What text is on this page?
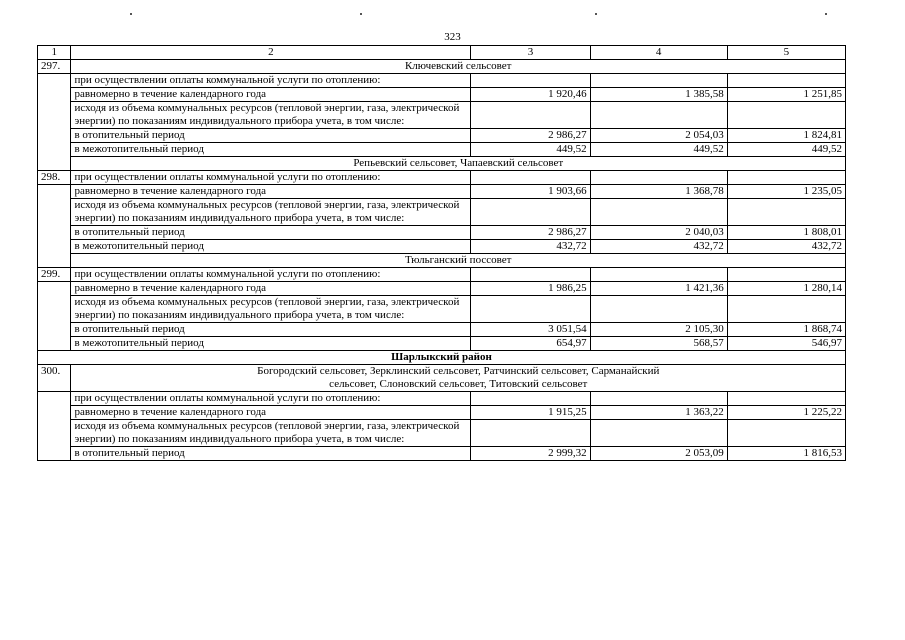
323
1	2	3	4	5
297.	Ключевский сельсовет			
	при осуществлении оплаты коммунальной услуги по отоплению:			
	равномерно в течение календарного года	1 920,46	1 385,58	1 251,85
	исходя из объема коммунальных ресурсов (тепловой энергии, газа, электрической энергии) по показаниям индивидуального прибора учета, в том числе:			
	в отопительный период	2 986,27	2 054,03	1 824,81
	в межотопительный период	449,52	449,52	449,52
	Репьевский сельсовет, Чапаевский сельсовет			
298.	при осуществлении оплаты коммунальной услуги по отоплению:			
	равномерно в течение календарного года	1 903,66	1 368,78	1 235,05
	исходя из объема коммунальных ресурсов (тепловой энергии, газа, электрической энергии) по показаниям индивидуального прибора учета, в том числе:			
	в отопительный период	2 986,27	2 040,03	1 808,01
	в межотопительный период	432,72	432,72	432,72
	Тюльганский поссовет			
299.	при осуществлении оплаты коммунальной услуги по отоплению:			
	равномерно в течение календарного года	1 986,25	1 421,36	1 280,14
	исходя из объема коммунальных ресурсов (тепловой энергии, газа, электрической энергии) по показаниям индивидуального прибора учета, в том числе:			
	в отопительный период	3 051,54	2 105,30	1 868,74
	в межотопительный период	654,97	568,57	546,97
Шарлыкский район				
300.	Богородский сельсовет, Зерклинский сельсовет, Ратчинский сельсовет, Сарманайский сельсовет, Слоновский сельсовет, Титовский сельсовет			
	при осуществлении оплаты коммунальной услуги по отоплению:			
	равномерно в течение календарного года	1 915,25	1 363,22	1 225,22
	исходя из объема коммунальных ресурсов (тепловой энергии, газа, электрической энергии) по показаниям индивидуального прибора учета, в том числе:			
	в отопительный период	2 999,32	2 053,09	1 816,53
